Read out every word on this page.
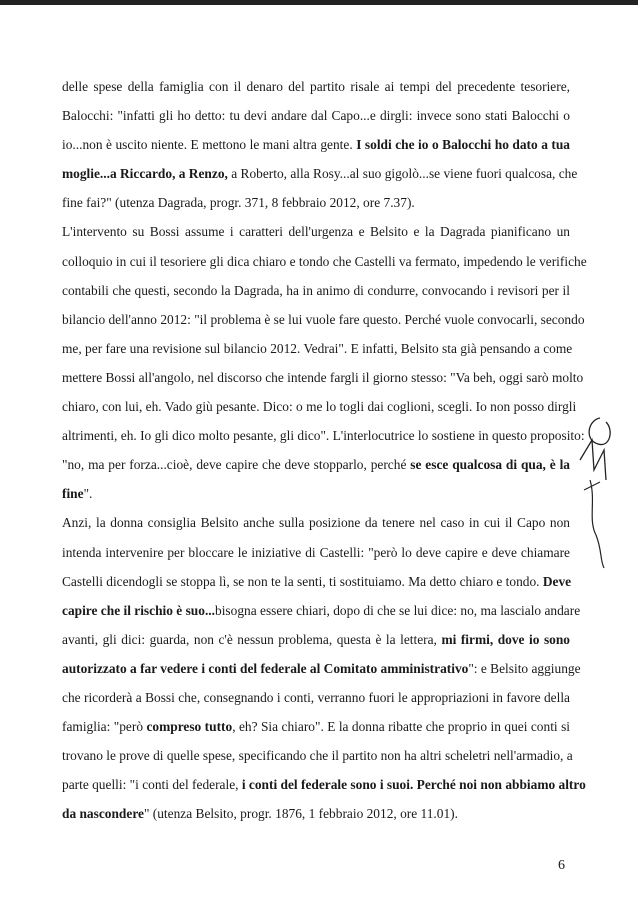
delle spese della famiglia con il denaro del partito risale ai tempi del precedente tesoriere,
Balocchi: "infatti gli ho detto: tu devi andare dal Capo...e dirgli: invece sono stati Balocchi o
io...non è uscito niente. E mettono le mani altra gente. I soldi che io o Balocchi ho dato a tua
moglie...a Riccardo, a Renzo, a Roberto, alla Rosy...al suo gigolò...se viene fuori qualcosa, che
fine fai?" (utenza Dagrada, progr. 371, 8 febbraio 2012, ore 7.37).
L'intervento su Bossi assume i caratteri dell'urgenza e Belsito e la Dagrada pianificano un
colloquio in cui il tesoriere gli dica chiaro e tondo che Castelli va fermato, impedendo le verifiche
contabili che questi, secondo la Dagrada, ha in animo di condurre, convocando i revisori per il
bilancio dell'anno 2012: "il problema è se lui vuole fare questo. Perché vuole convocarli, secondo
me, per fare una revisione sul bilancio 2012. Vedrai". E infatti, Belsito sta già pensando a come
mettere Bossi all'angolo, nel discorso che intende fargli il giorno stesso: "Va beh, oggi sarò molto
chiaro, con lui, eh. Vado giù pesante. Dico: o me lo togli dai coglioni, scegli. Io non posso dirgli
altrimenti, eh. Io gli dico molto pesante, gli dico". L'interlocutrice lo sostiene in questo proposito:
"no, ma per forza...cioè, deve capire che deve stopparlo, perché se esce qualcosa di qua, è la
fine".
Anzi, la donna consiglia Belsito anche sulla posizione da tenere nel caso in cui il Capo non
intenda intervenire per bloccare le iniziative di Castelli: "però lo deve capire e deve chiamare
Castelli dicendogli se stoppa lì, se non te la senti, ti sostituiamo. Ma detto chiaro e tondo. Deve
capire che il rischio è suo...bisogna essere chiari, dopo di che se lui dice: no, ma lascialo andare
avanti, gli dici: guarda, non c'è nessun problema, questa è la lettera, mi firmi, dove io sono
autorizzato a far vedere i conti del federale al Comitato amministrativo": e Belsito aggiunge
che ricorderà a Bossi che, consegnando i conti, verranno fuori le appropriazioni in favore della
famiglia: "però compreso tutto, eh? Sia chiaro". E la donna ribatte che proprio in quei conti si
trovano le prove di quelle spese, specificando che il partito non ha altri scheletri nell'armadio, a
parte quelli: "i conti del federale, i conti del federale sono i suoi. Perché noi non abbiamo altro
da nascondere" (utenza Belsito, progr. 1876, 1 febbraio 2012, ore 11.01).
6
